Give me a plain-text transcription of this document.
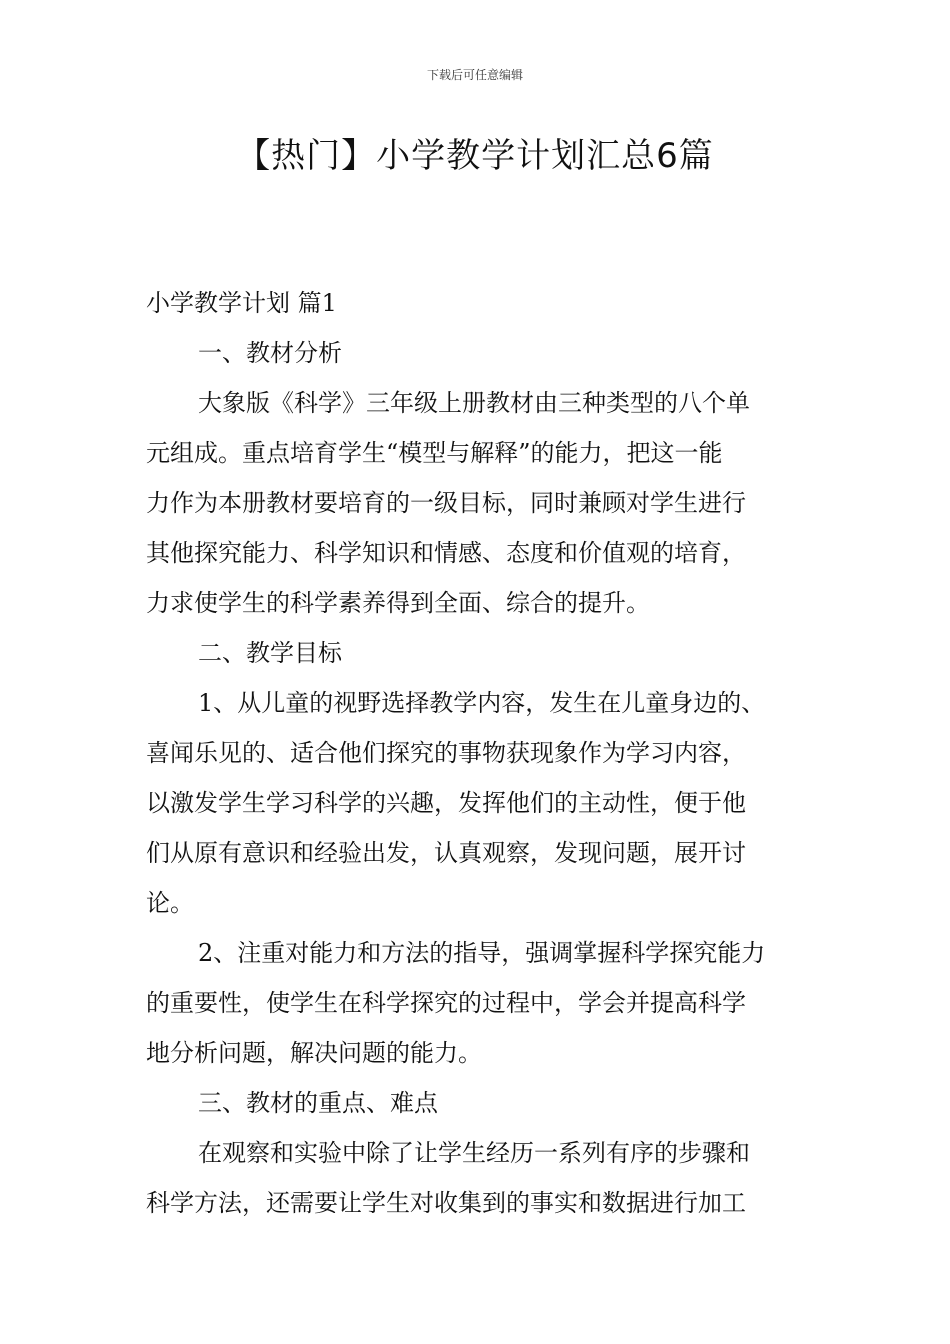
下载后可任意编辑
【热门】小学教学计划汇总6篇

小学教学计划 篇1

一、教材分析

大象版《科学》三年级上册教材由三种类型的八个单

元组成。重点培育学生“模型与解释”的能力，把这一能

力作为本册教材要培育的一级目标，同时兼顾对学生进行

其他探究能力、科学知识和情感、态度和价值观的培育，

力求使学生的科学素养得到全面、综合的提升。

二、教学目标

1、从儿童的视野选择教学内容，发生在儿童身边的、

喜闻乐见的、适合他们探究的事物获现象作为学习内容，

以激发学生学习科学的兴趣，发挥他们的主动性，便于他

们从原有意识和经验出发，认真观察，发现问题，展开讨

论。

2、注重对能力和方法的指导，强调掌握科学探究能力

的重要性，使学生在科学探究的过程中，学会并提高科学

地分析问题，解决问题的能力。

三、教材的重点、难点

在观察和实验中除了让学生经历一系列有序的步骤和

科学方法，还需要让学生对收集到的事实和数据进行加工
